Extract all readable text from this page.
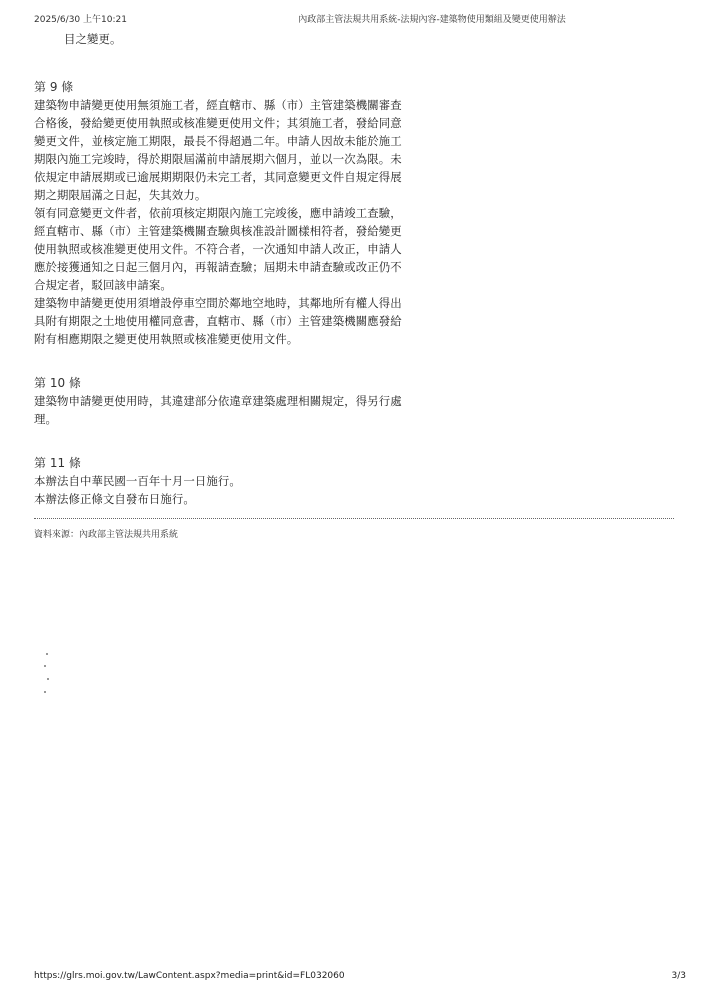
2025/6/30 上午10:21	內政部主管法規共用系統-法規內容-建築物使用類組及變更使用辦法
目之變更。
第 9 條
建築物申請變更使用無須施工者，經直轄市、縣（市）主管建築機關審查
合格後，發給變更使用執照或核准變更使用文件；其須施工者，發給同意
變更文件，並核定施工期限，最長不得超過二年。申請人因故未能於施工
期限內施工完竣時，得於期限屆滿前申請展期六個月，並以一次為限。未
依規定申請展期或已逾展期期限仍未完工者，其同意變更文件自規定得展
期之期限屆滿之日起，失其效力。
領有同意變更文件者，依前項核定期限內施工完竣後，應申請竣工查驗，
經直轄市、縣（市）主管建築機關查驗與核准設計圖樣相符者，發給變更
使用執照或核准變更使用文件。不符合者，一次通知申請人改正，申請人
應於接獲通知之日起三個月內，再報請查驗；屆期未申請查驗或改正仍不
合規定者，駁回該申請案。
建築物申請變更使用須增設停車空間於鄰地空地時，其鄰地所有權人得出
具附有期限之土地使用權同意書，直轄市、縣（市）主管建築機關應發給
附有相應期限之變更使用執照或核准變更使用文件。
第 10 條
建築物申請變更使用時，其違建部分依違章建築處理相關規定，得另行處
理。
第 11 條
本辦法自中華民國一百年十月一日施行。
本辦法修正條文自發布日施行。
資料來源：內政部主管法規共用系統
https://glrs.moi.gov.tw/LawContent.aspx?media=print&id=FL032060	3/3
